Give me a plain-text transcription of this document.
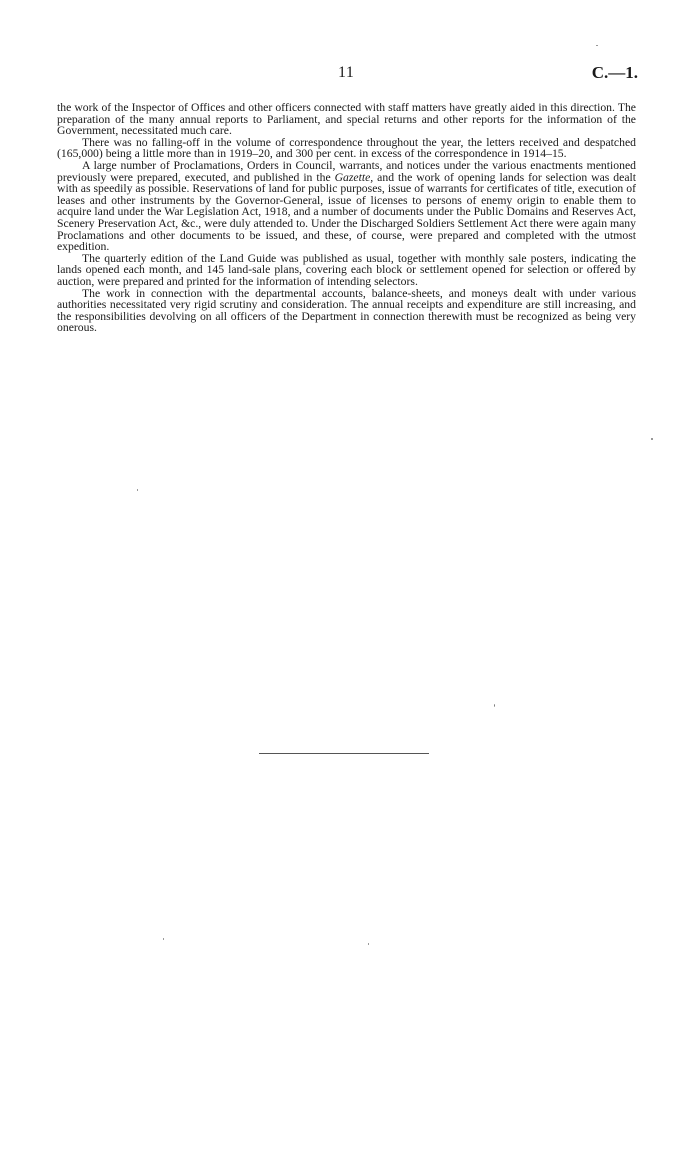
11	C.—1.

the work of the Inspector of Offices and other officers connected with staff matters have greatly aided in this direction. The preparation of the many annual reports to Parliament, and special returns and other reports for the information of the Government, necessitated much care.

There was no falling-off in the volume of correspondence throughout the year, the letters received and despatched (165,000) being a little more than in 1919–20, and 300 per cent. in excess of the correspondence in 1914–15.

A large number of Proclamations, Orders in Council, warrants, and notices under the various enactments mentioned previously were prepared, executed, and published in the Gazette, and the work of opening lands for selection was dealt with as speedily as possible. Reservations of land for public purposes, issue of warrants for certificates of title, execution of leases and other instruments by the Governor-General, issue of licenses to persons of enemy origin to enable them to acquire land under the War Legislation Act, 1918, and a number of documents under the Public Domains and Reserves Act, Scenery Preservation Act, &c., were duly attended to. Under the Discharged Soldiers Settlement Act there were again many Proclamations and other documents to be issued, and these, of course, were prepared and completed with the utmost expedition.

The quarterly edition of the Land Guide was published as usual, together with monthly sale posters, indicating the lands opened each month, and 145 land-sale plans, covering each block or settlement opened for selection or offered by auction, were prepared and printed for the information of intending selectors.

The work in connection with the departmental accounts, balance-sheets, and moneys dealt with under various authorities necessitated very rigid scrutiny and consideration. The annual receipts and expenditure are still increasing, and the responsibilities devolving on all officers of the Department in connection therewith must be recognized as being very onerous.
